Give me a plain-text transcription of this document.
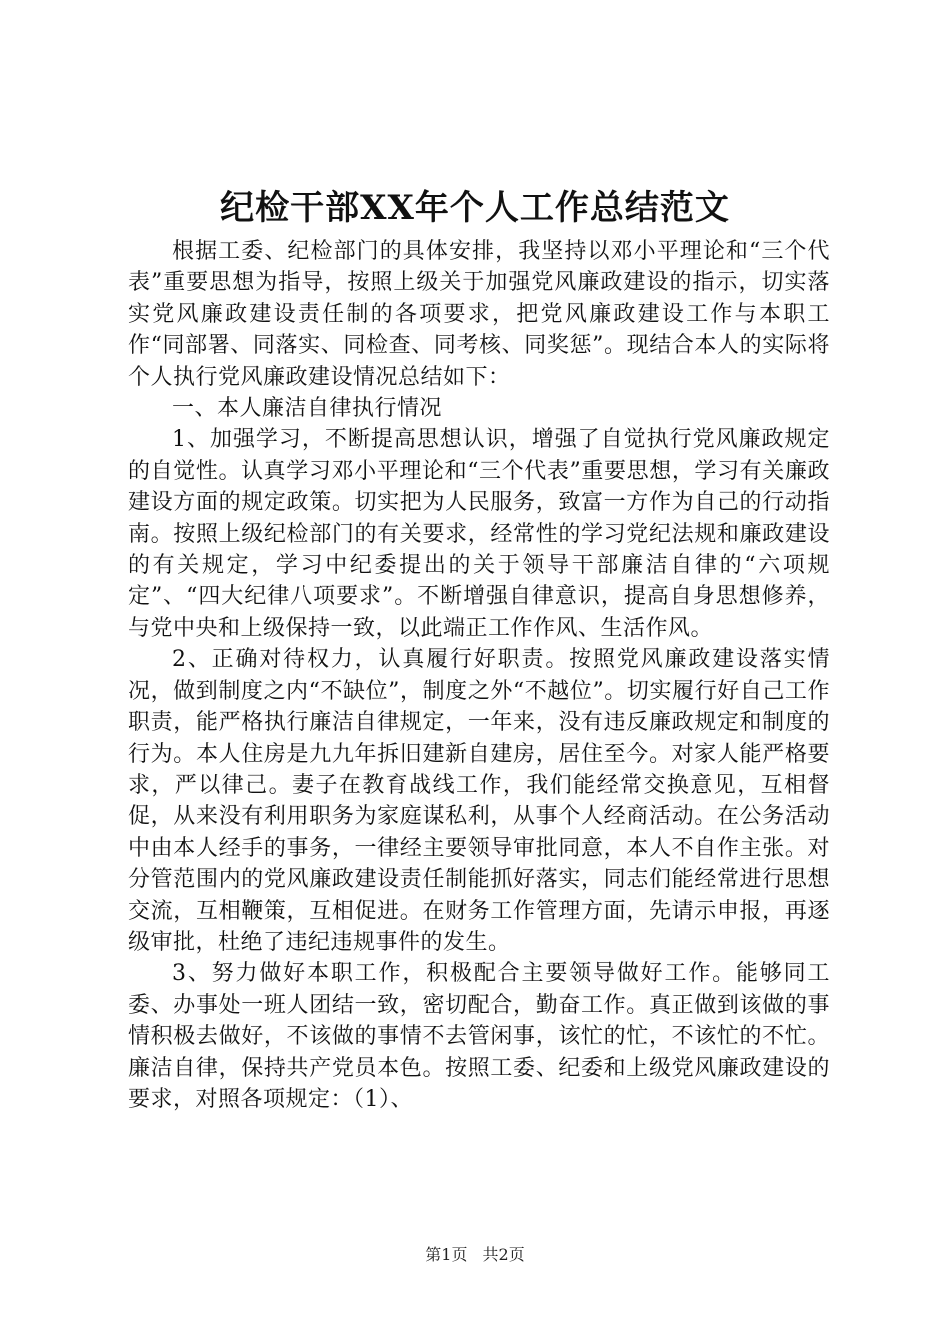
纪检干部XX年个人工作总结范文

根据工委、纪检部门的具体安排，我坚持以邓小平理论和“三个代表”重要思想为指导，按照上级关于加强党风廉政建设的指示，切实落实党风廉政建设责任制的各项要求，把党风廉政建设工作与本职工作“同部署、同落实、同检查、同考核、同奖惩”。现结合本人的实际将个人执行党风廉政建设情况总结如下：

一、本人廉洁自律执行情况

1、加强学习，不断提高思想认识，增强了自觉执行党风廉政规定的自觉性。认真学习邓小平理论和“三个代表”重要思想，学习有关廉政建设方面的规定政策。切实把为人民服务，致富一方作为自己的行动指南。按照上级纪检部门的有关要求，经常性的学习党纪法规和廉政建设的有关规定，学习中纪委提出的关于领导干部廉洁自律的“六项规定”、“四大纪律八项要求”。不断增强自律意识，提高自身思想修养，与党中央和上级保持一致，以此端正工作作风、生活作风。

2、正确对待权力，认真履行好职责。按照党风廉政建设落实情况，做到制度之内“不缺位”，制度之外“不越位”。切实履行好自己工作职责，能严格执行廉洁自律规定，一年来，没有违反廉政规定和制度的行为。本人住房是九九年拆旧建新自建房，居住至今。对家人能严格要求，严以律己。妻子在教育战线工作，我们能经常交换意见，互相督促，从来没有利用职务为家庭谋私利，从事个人经商活动。在公务活动中由本人经手的事务，一律经主要领导审批同意，本人不自作主张。对分管范围内的党风廉政建设责任制能抓好落实，同志们能经常进行思想交流，互相鞭策，互相促进。在财务工作管理方面，先请示申报，再逐级审批，杜绝了违纪违规事件的发生。

3、努力做好本职工作，积极配合主要领导做好工作。能够同工委、办事处一班人团结一致，密切配合，勤奋工作。真正做到该做的事情积极去做好，不该做的事情不去管闲事，该忙的忙，不该忙的不忙。廉洁自律，保持共产党员本色。按照工委、纪委和上级党风廉政建设的要求，对照各项规定：（1）、

第1页 共2页
